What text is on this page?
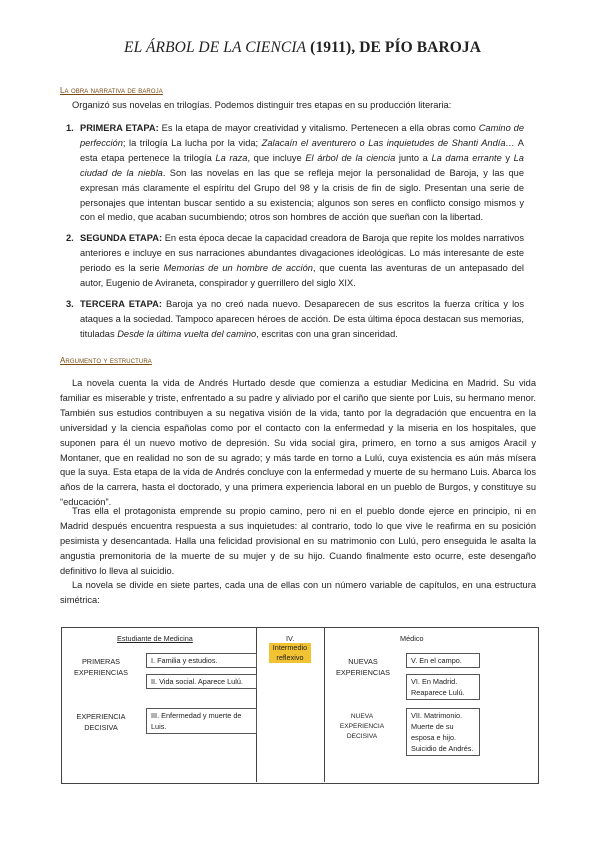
EL ÁRBOL DE LA CIENCIA (1911), DE PÍO BAROJA
La obra narrativa de baroja
Organizó sus novelas en trilogías. Podemos distinguir tres etapas en su producción literaria:
1. PRIMERA ETAPA: Es la etapa de mayor creatividad y vitalismo. Pertenecen a ella obras como Camino de perfección; la trilogía La lucha por la vida; Zalacaín el aventurero o Las inquietudes de Shanti Andía… A esta etapa pertenece la trilogía La raza, que incluye El árbol de la ciencia junto a La dama errante y La ciudad de la niebla. Son las novelas en las que se refleja mejor la personalidad de Baroja, y las que expresan más claramente el espíritu del Grupo del 98 y la crisis de fin de siglo. Presentan una serie de personajes que intentan buscar sentido a su existencia; algunos son seres en conflicto consigo mismos y con el medio, que acaban sucumbiendo; otros son hombres de acción que sueñan con la libertad.
2. SEGUNDA ETAPA: En esta época decae la capacidad creadora de Baroja que repite los moldes narrativos anteriores e incluye en sus narraciones abundantes divagaciones ideológicas. Lo más interesante de este periodo es la serie Memorias de un hombre de acción, que cuenta las aventuras de un antepasado del autor, Eugenio de Aviraneta, conspirador y guerrillero del siglo XIX.
3. TERCERA ETAPA: Baroja ya no creó nada nuevo. Desaparecen de sus escritos la fuerza crítica y los ataques a la sociedad. Tampoco aparecen héroes de acción. De esta última época destacan sus memorias, tituladas Desde la última vuelta del camino, escritas con una gran sinceridad.
Argumento y estructura
La novela cuenta la vida de Andrés Hurtado desde que comienza a estudiar Medicina en Madrid. Su vida familiar es miserable y triste, enfrentado a su padre y aliviado por el cariño que siente por Luis, su hermano menor. También sus estudios contribuyen a su negativa visión de la vida, tanto por la degradación que encuentra en la universidad y la ciencia españolas como por el contacto con la enfermedad y la miseria en los hospitales, que suponen para él un nuevo motivo de depresión. Su vida social gira, primero, en torno a sus amigos Aracil y Montaner, que en realidad no son de su agrado; y más tarde en torno a Lulú, cuya existencia es aún más mísera que la suya. Esta etapa de la vida de Andrés concluye con la enfermedad y muerte de su hermano Luis. Abarca los años de la carrera, hasta el doctorado, y una primera experiencia laboral en un pueblo de Burgos, y constituye su “educación”.
Tras ella el protagonista emprende su propio camino, pero ni en el pueblo donde ejerce en principio, ni en Madrid después encuentra respuesta a sus inquietudes: al contrario, todo lo que vive le reafirma en su posición pesimista y desencantada. Halla una felicidad provisional en su matrimonio con Lulú, pero enseguida le asalta la angustia premonitoria de la muerte de su mujer y de su hijo. Cuando finalmente esto ocurre, este desengaño definitivo lo lleva al suicidio.
La novela se divide en siete partes, cada una de ellas con un número variable de capítulos, en una estructura simétrica:
Estudiante de Medicina	IV.
Intermedio reflexivo
Médico
PRIMERAS EXPERIENCIAS
I. Familia y estudios.
II. Vida social. Aparece Lulú.
EXPERIENCIA DECISIVA
III. Enfermedad y muerte de Luis.
NUEVAS EXPERIENCIAS
V. En el campo.
VI. En Madrid. Reaparece Lulú.
NUEVA EXPERIENCIA DECISIVA
VII. Matrimonio. Muerte de su esposa e hijo. Suicidio de Andrés.
